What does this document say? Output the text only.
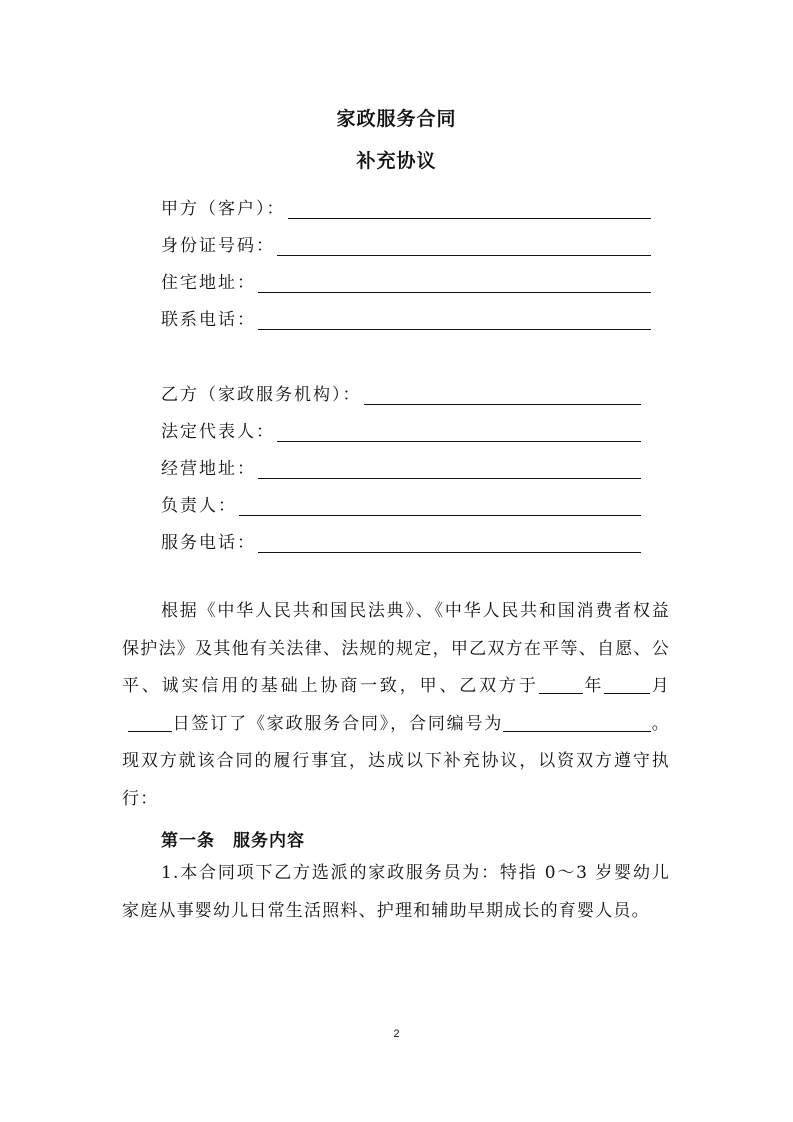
家政服务合同
补充协议
甲方（客户）：
身份证号码：
住宅地址：
联系电话：
乙方（家政服务机构）：
法定代表人：
经营地址：
负责人：
服务电话：
根据《中华人民共和国民法典》、《中华人民共和国消费者权益保护法》及其他有关法律、法规的规定，甲乙双方在平等、自愿、公平、诚实信用的基础上协商一致，甲、乙双方于	年	月日签订了《家政服务合同》，合同编号为	。现双方就该合同的履行事宜，达成以下补充协议，以资双方遵守执行：
第一条　服务内容
1.本合同项下乙方选派的家政服务员为：特指 0～3 岁婴幼儿家庭从事婴幼儿日常生活照料、护理和辅助早期成长的育婴人员。
2
